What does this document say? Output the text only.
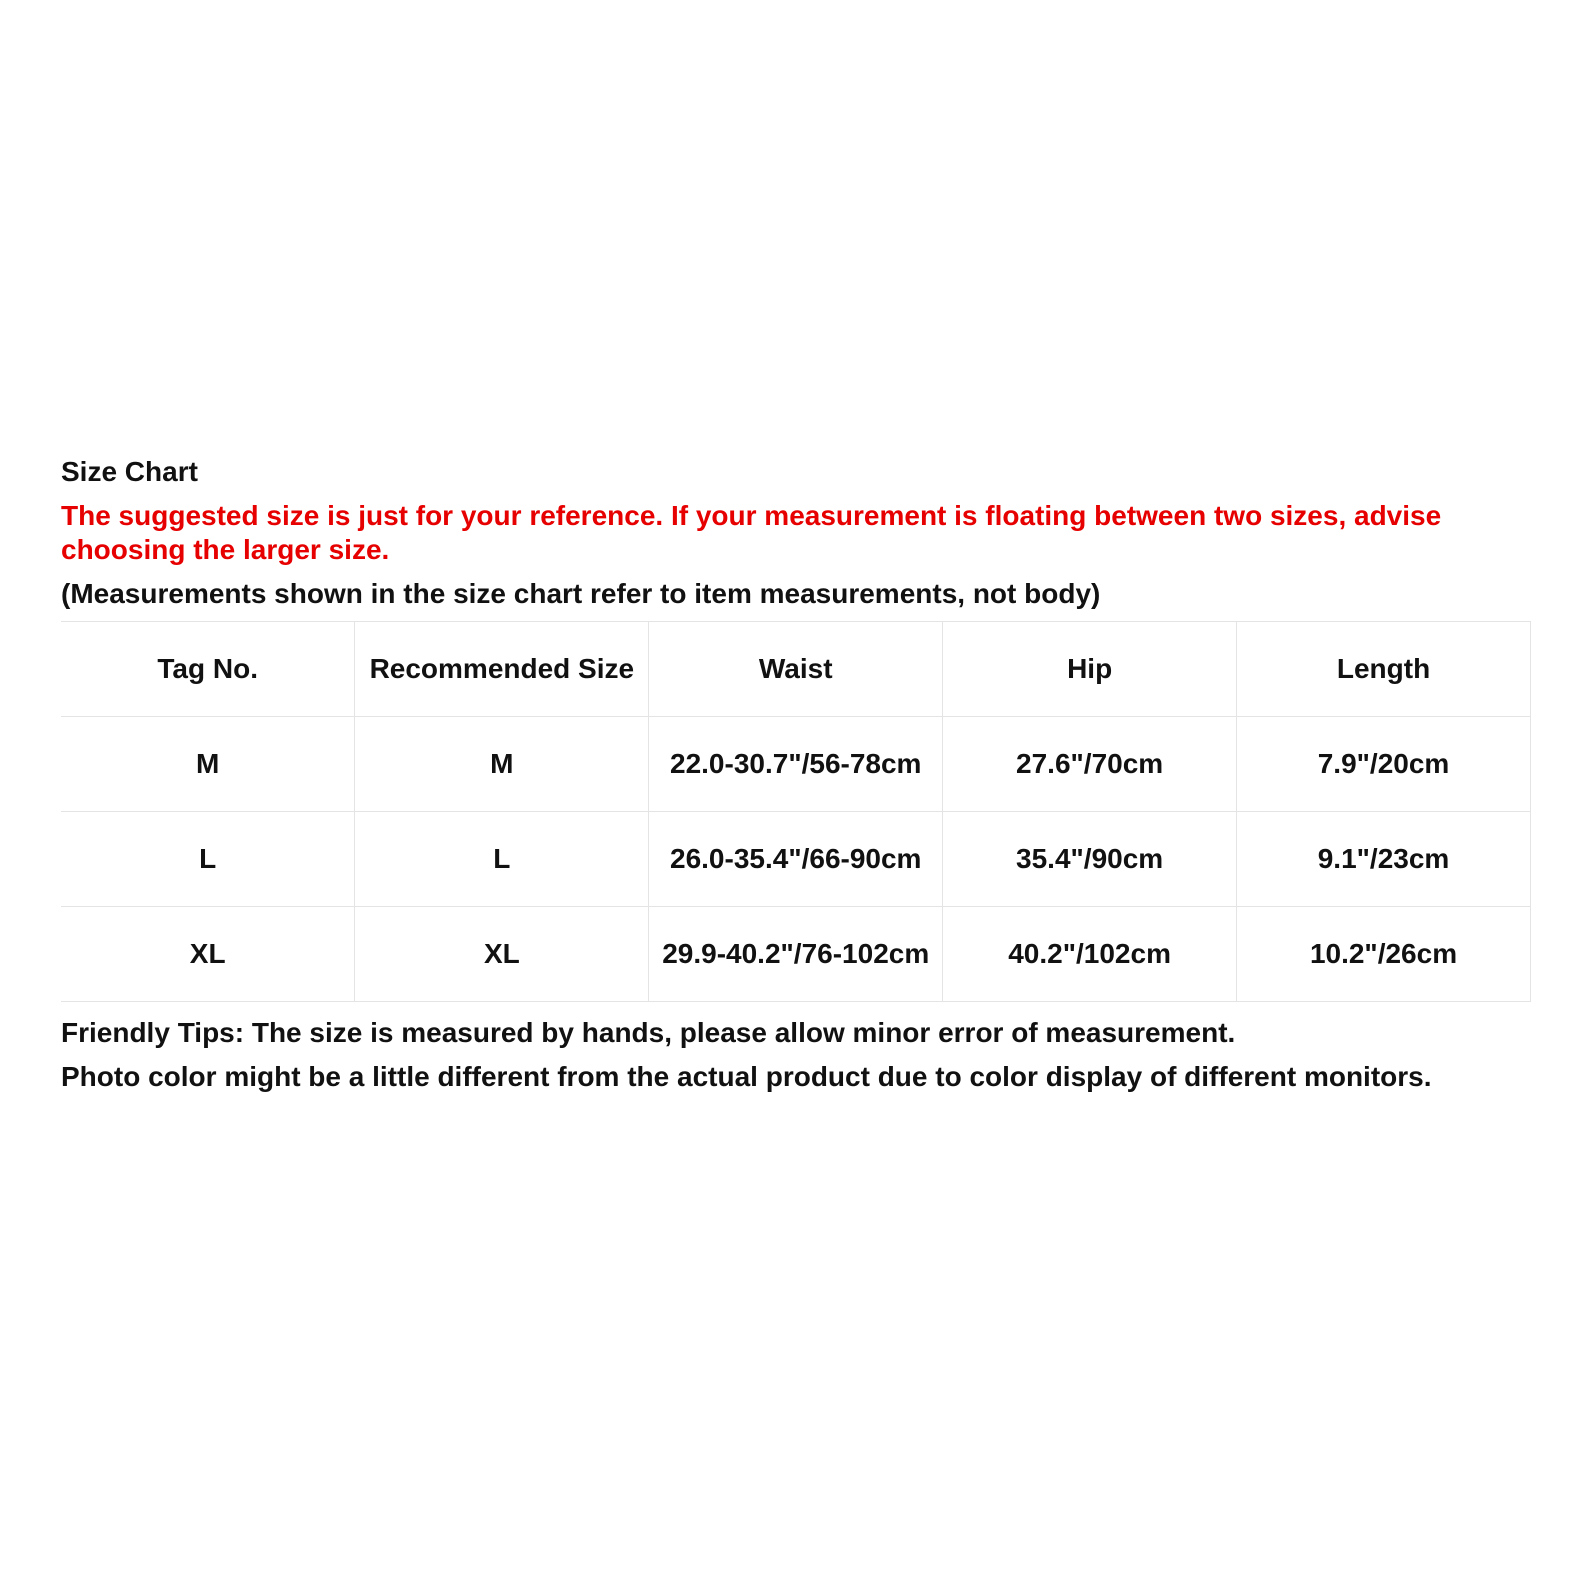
Size Chart
The suggested size is just for your reference. If your measurement is floating between two sizes, advise choosing the larger size.
(Measurements shown in the size chart refer to item measurements, not body)
Tag No.	Recommended Size	Waist	Hip	Length
M	M	22.0-30.7"/56-78cm	27.6"/70cm	7.9"/20cm
L	L	26.0-35.4"/66-90cm	35.4"/90cm	9.1"/23cm
XL	XL	29.9-40.2"/76-102cm	40.2"/102cm	10.2"/26cm

Friendly Tips: The size is measured by hands, please allow minor error of measurement.

Photo color might be a little different from the actual product due to color display of different monitors.
